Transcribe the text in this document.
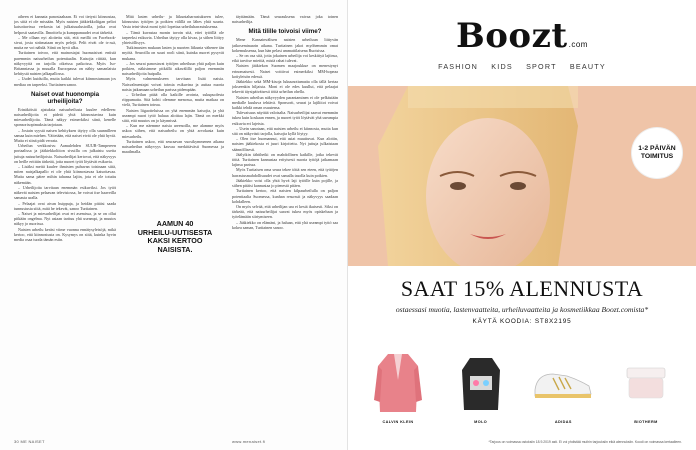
aiheen ei kannata panostaahaan. Ei voi tietysti kiinnostaa, jos siitä ei ole missään. Myös naisten jääkiekkoliigan peliot katsottavissa verkosta tai julkaisualustoilla, jotka ovat helposti saatavilla. Ilmoittelu ja kumppanuudet ovat tärkeitä.

– Me ollaan nyt aloitettu sitä, että meillä on Facebook-sivut, josta striimataan myös pelejä. Pelit eivät ole tv:ssä, mutta ne voi nähdä. Siinä on hyvä alku.

Turtiainen toivoo, että mainostajat huomaisivat entistä paremmin naisurheilun potentiaalin. Katsojia riittää, kun näkyvyyttä on tarjolla oikeissa paikoissa. Myös Iso-Britanniassa ja muualla Euroopassa on nähty samanlaista kehitystä naisten jalkapallossa.

– Uudet kuiduilla, mutta kaikki tulevat kiinnostumaan jos mediaa on tarpeeksi. Turtiainen sanoo.

Naiset ovat huonompia urheilijoita?

Erinäköisiä ajatuksia naisurheilusta kuulee edelleen: naisurheilijoita ei pidetä yhtä kiinnostavina kuin miesurheilijoita. Tämä näkyy esimerkiksi siinä, kenelle sponsorisopimuksia tarjotaan.

– Jostain syystä naisen kehityksen täytyy olla suunnilleen samaa kuin miehen. Väitetään, että naiset eivät ole yhtä hyviä. Mutta ei siinä pidä verrata.

Urheilun verkkosivu Aamulehden SUUR-Tampereen portaalissa ja jääkiekkoliiton sivuilla on julkaistu useita juttuja naisurheilijoista. Naisurheilijat kertovat, että näkyvyys on heille erittäin tärkeää, jotta nuoret tytöt löytävät esikuvia.

– Lisäksi meitä kuulee ihmisten puhuvan toisinaan siitä, miten naisjalkapallo ei ole yhtä kiinnostavaa katsottavaa. Mutta sama pätee mihin tahansa lajiin, jota ei ole totuttu näkemään.

– Urheilijoita tarvitaan enemmän esikuviksi. Jos tytöt näkevät naisten pelaavan televisiossa, he voivat itse haaveilla samasta uralla.

– Pelaajat ovat aivan huippuja, ja heidän pitäisi saada tunnustusta siitä, mitä he tekevät, sanoo Turtiainen.

– Naiset ja miesurheilijat ovat eri asemissa, ja se on ollut pitkään ongelma. Nyt asiaan tarttuu yhä useampi, ja muutos näkyy jo nuorissa.

Naisten urheilu keräsi viime vuonna ennätysyleisöjä, mikä kertoo, että kiinnostusta on. Kysymys on siitä, kuinka hyvin media osaa tuoda tämän esiin.

Mitä lasten urheilu- ja liikuntaharrastukseen tulee, kiinnostus tyttöjen ja poikien välillä on lähes yhtä suurta. Vasta teini-iässä moni tyttö lopettaa urheiluharrastuksensa.

– Tämä kuvastaa monin tavoin sitä, ettei tytöillä ole tarpeeksi esikuvia. Urheilun täytyy olla kivaa, ja siihen liittyy yhteisöllisyys.

Tutkimusten mukaan lasten ja nuorten liikunta vähenee iän myötä. Seuroilla on suuri rooli siinä, kuinka nuoret pysyvät mukana.

– Jos seurat panostavat tyttöjen urheiluun yhtä paljon kuin poikien, näkisimme pitkällä aikavälillä paljon enemmän naisurheilijoita huipulla.

Myös valmennukseen tarvitaan lisää naisia. Naisvalmentajat voivat toimia esikuvina ja auttaa nuoria naisia jatkamaan urheilun parissa pidempään.

– Urheilun pitää olla kaikille avointa, sukupuolesta riippumatta. Sitä kohti olemme menossa, mutta matkaa on vielä, Turtiainen toteaa.

Naisten liigaotteluissa on yhä enemmän katsojia, ja yhä useampi nuori tyttö haluaa aloittaa lajin. Tämä on merkki siitä, että muutos on jo käynnissä.

– Kun me näemme naisia areenoilla, me alamme myös uskoa siihen, että naisurheilu on yhtä arvokasta kuin miesurheilu.

Turtiainen uskoo, että seuraavan vuosikymmenen aikana naisurheilun näkyvyys kasvaa merkittävästi Suomessa ja maailmalla.

AAMUN 40
URHEILU-UUTISESTA
KAKSI KERTOO
NAISISTA.

täyttämään. Tämä seurauksena vaivaa joka toinen naisurheilija.

Mitä tilille toivoisi viime?

Mene Kansainvälisen naisten urheiluun liittyvän jatkoseminaarin aikana. Turtiainen jakoi myöhemmin omat kokemuksensa, kun hän pelasi ammattilaisena Ruotsissa.

– Se on osa sitä, jotta jokainen urheilija voi keskittyä lajiinsa, eikä tarvitse miettiä, mistä rahat tulevat.

Naisten jääkiekon Suomen maajoukkue on menestynyt erinomaisesti. Naiset voittivat esimerkiksi MM-hopeaa kotiyleisön edessä.

Jääkiekko sekä MM-kisoja lukuunottamatta olla tällä kertaa jokseenkin hiljaista. Moni ei ole edes kuullut, että pelaajat tekevät täysipäiväisesti töitä urheilun ohella.

Naisten urheilun näkyvyyden parantaminen ei ole pelkästään medialle kuuluva tehtävä. Sponsorit, seurat ja lajiliitot voivat kaikki tehdä oman osuutensa.

Tulevaisuus näyttää valoisalta. Naisurheilijat saavat enemmän tukea kuin koskaan ennen, ja nuoret tytöt löytävät yhä useampia esikuvia eri lajeista.

– Usein sanotaan, että naisten urheilu ei kiinnosta, mutta kun sitä on näkyvästi tarjolla, katsojia kyllä löytyy.

– Olen itse huomannut, että asiat muuttuvat. Kun aloitin, naisten jääkiekosta ei juuri kirjoitettu. Nyt juttuja julkaistaan säännöllisesti.

Jäälyikin tähtihetki on mahdollinen kaikille, jotka tekevät töitä. Turtiainen kannustaa erityisesti nuoria tyttöjä jatkamaan lajinsa parissa.

Myös Turtiaisen oma seura tekee töitä sen eteen, että tyttöjen harrastusmahdollisuudet ovat samalla tasolla kuin poikien.

Jääkiekko voisi olla yhtä hyvä laji tytöille kuin pojille, ja siihen pitäisi kannustaa jo pienestä pitäen.

Turtiainen kertoo, että naisten kilpaurheilulla on paljon potentiaalia Suomessa, kunhan resurssit ja näkyvyys saadaan kohdalleen.

On myös selvää, että urheilijan ura ei kestä ikuisesti. Siksi on tärkeää, että naisurheilijat saavat tukea myös opiskeluun ja työelämään siirtymiseen.

– Jääkiekko on elämäni, ja haluan, että yhä useampi tyttö saa kokea saman, Turtiainen sanoo.

30 ME NAISET	www.menaiset.fi
Boozt.com
FASHION KIDS SPORT BEAUTY
1-2 PÄIVÄN
TOIMITUS
SAAT 15% ALENNUSTA
ostaessasi muotia, lastenvaatteita, urheiluvaatteita ja kosmetiikkaa Boozt.comista*
KÄYTÄ KOODIA: ST8X2195
CALVIN KLEIN	MOLO	ADIDAS	BIOTHERM
*Tarjous on voimassa ostoksiin 18.9.2019 asti. Ei voi yhdistää muihin tarjouksiin eikä alennuksiin. Koodi on voimassa kertaalleen.
